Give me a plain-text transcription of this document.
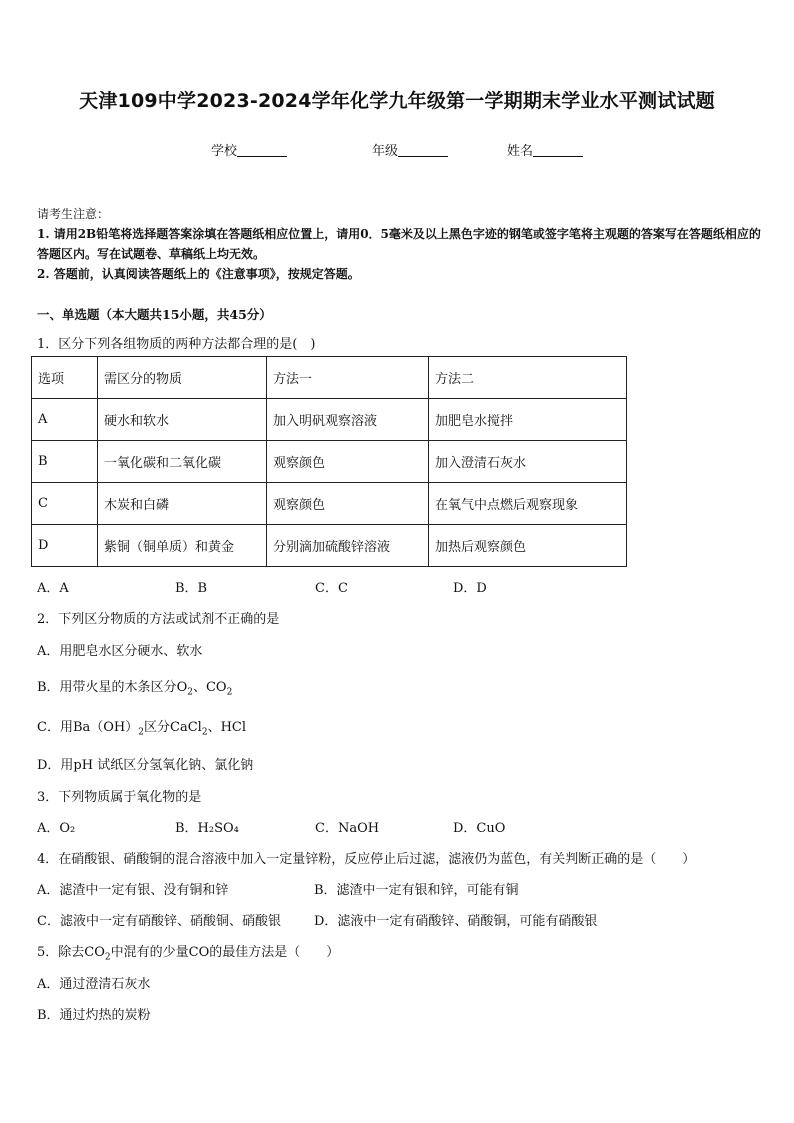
天津109中学2023-2024学年化学九年级第一学期期末学业水平测试试题
学校	年级	姓名
请考生注意：
1. 请用2B铅笔将选择题答案涂填在答题纸相应位置上，请用0．5毫米及以上黑色字迹的钢笔或签字笔将主观题的答案写在答题纸相应的答题区内。写在试题卷、草稿纸上均无效。
2. 答题前，认真阅读答题纸上的《注意事项》，按规定答题。
一、单选题（本大题共15小题，共45分）
1．区分下列各组物质的两种方法都合理的是(　)
选项	需区分的物质	方法一	方法二
A	硬水和软水	加入明矾观察溶液	加肥皂水搅拌
B	一氧化碳和二氧化碳	观察颜色	加入澄清石灰水
C	木炭和白磷	观察颜色	在氧气中点燃后观察现象
D	紫铜（铜单质）和黄金	分别滴加硫酸锌溶液	加热后观察颜色
A．A	B．B	C．C	D．D
2．下列区分物质的方法或试剂不正确的是
A．用肥皂水区分硬水、软水
B．用带火星的木条区分$O_2$、$CO_2$
C．用$Ba(OH)_2$区分CaCl$_2$、HCl
D．用pH 试纸区分氢氧化钠、氯化钠
3．下列物质属于氧化物的是
A．O₂	B．H₂SO₄	C．NaOH	D．CuO
4．在硝酸银、硝酸铜的混合溶液中加入一定量锌粉，反应停止后过滤，滤液仍为蓝色，有关判断正确的是（　　）
A．滤渣中一定有银、没有铜和锌	B．滤渣中一定有银和锌，可能有铜
C．滤液中一定有硝酸锌、硝酸铜、硝酸银	D．滤液中一定有硝酸锌、硝酸铜，可能有硝酸银
5．除去$CO_2$中混有的少量CO的最佳方法是（　　）
A．通过澄清石灰水
B．通过灼热的炭粉
